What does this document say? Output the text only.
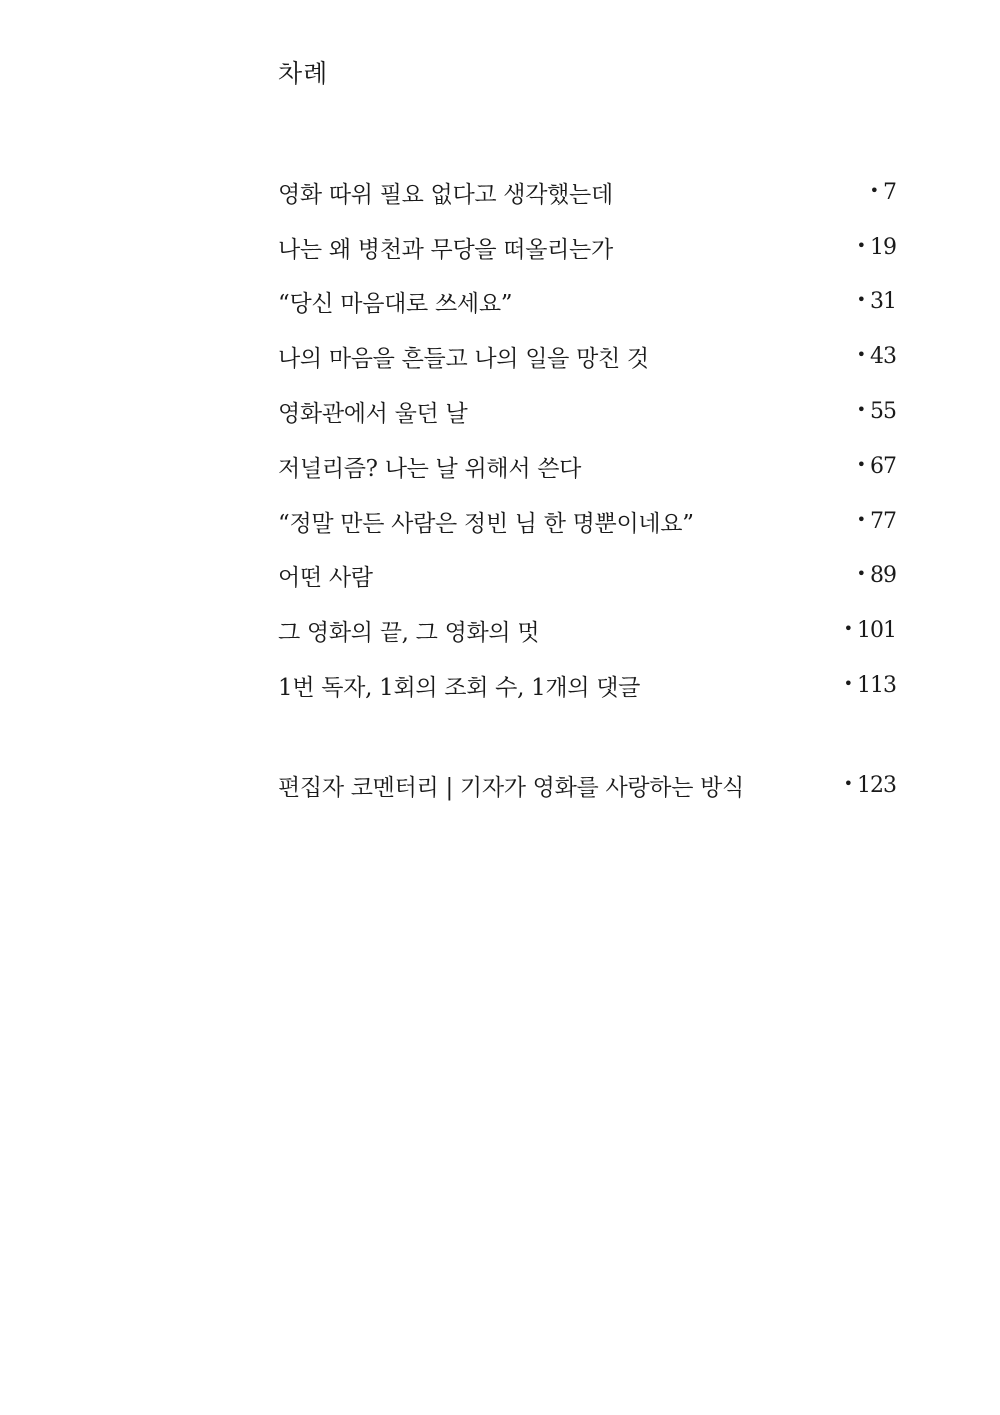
차례
영화 따위 필요 없다고 생각했는데	• 7
나는 왜 병천과 무당을 떠올리는가	• 19
“당신 마음대로 쓰세요”	• 31
나의 마음을 흔들고 나의 일을 망친 것	• 43
영화관에서 울던 날	• 55
저널리즘? 나는 날 위해서 쓴다	• 67
“정말 만든 사람은 정빈 님 한 명뿐이네요”	• 77
어떤 사람	• 89
그 영화의 끝, 그 영화의 멋	• 101
1번 독자, 1회의 조회 수, 1개의 댓글	• 113
편집자 코멘터리 | 기자가 영화를 사랑하는 방식	• 123
